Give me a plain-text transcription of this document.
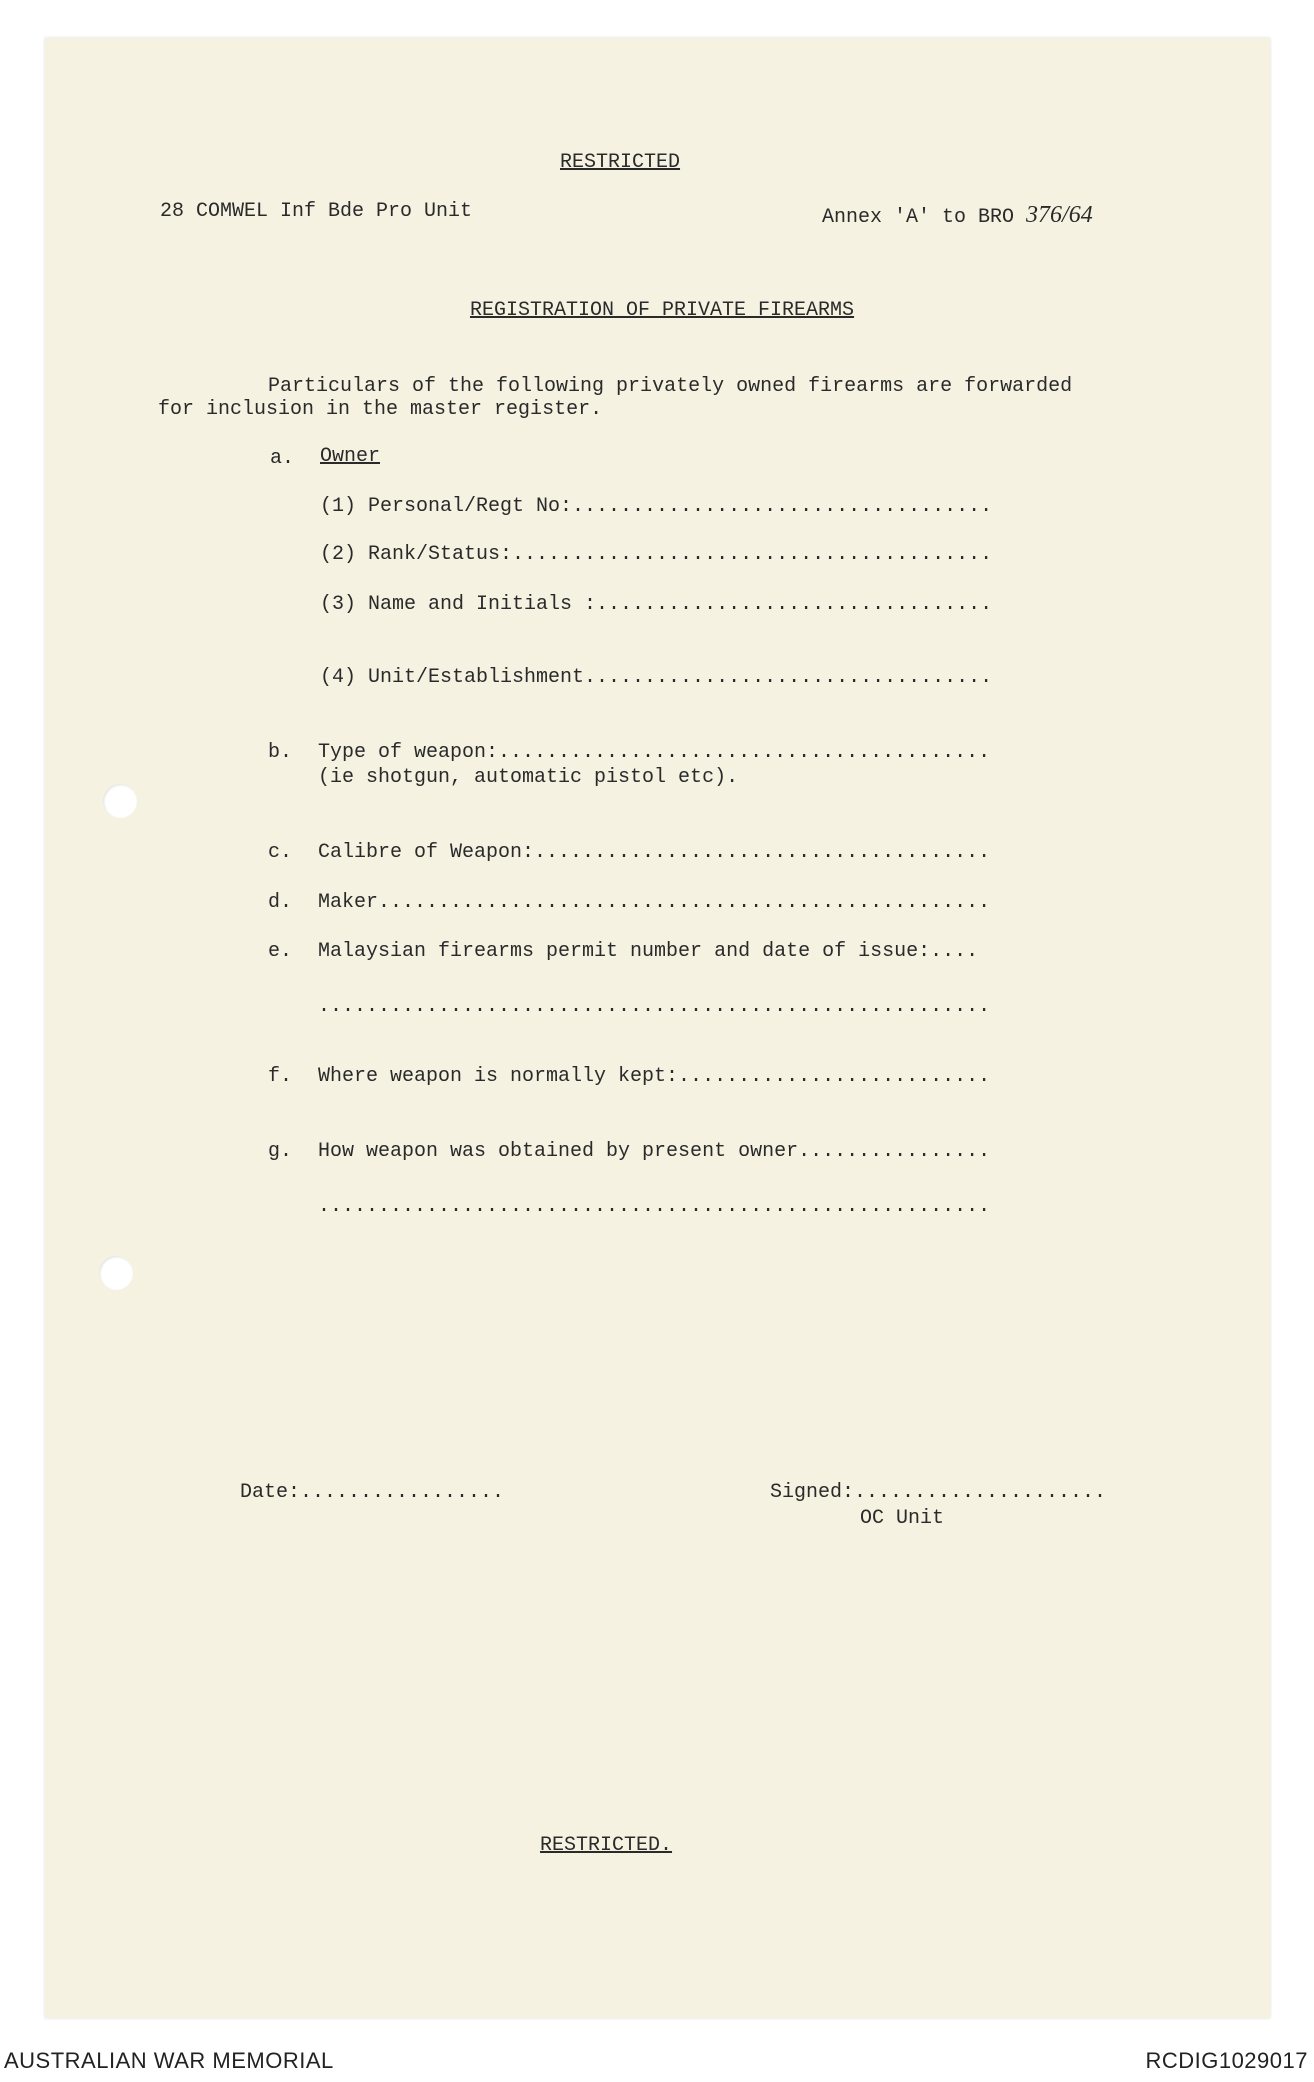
RESTRICTED
28 COMWEL Inf Bde Pro Unit	Annex 'A' to BRO 376/64
REGISTRATION OF PRIVATE FIREARMS
Particulars of the following privately owned firearms are forwarded
for inclusion in the master register.
a. Owner
(1) Personal/Regt No:...................................
(2) Rank/Status:........................................
(3) Name and Initials :.................................
(4) Unit/Establishment..................................
b. Type of weapon:.........................................
(ie shotgun, automatic pistol etc).
c. Calibre of Weapon:......................................
d. Maker...................................................
e. Malaysian firearms permit number and date of issue:....
........................................................
f. Where weapon is normally kept:..........................
g. How weapon was obtained by present owner................
........................................................
Date:.................	Signed:.....................
OC Unit
RESTRICTED.
AUSTRALIAN WAR MEMORIAL	RCDIG1029017
